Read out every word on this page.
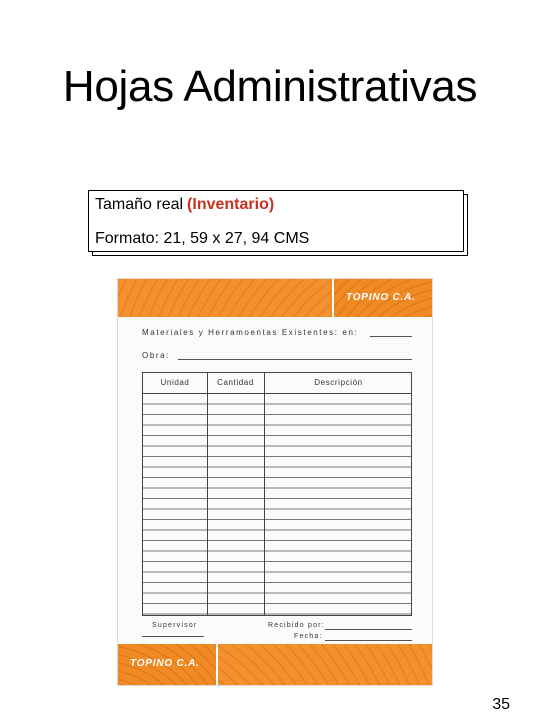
Hojas Administrativas
Tamaño real (Inventario)
Formato: 21, 59 x 27, 94 CMS
TOPINO C.A.
Materiales y Herramoentas Existentes: en:
Obra:
Unidad	Cantidad	Descripción
Supervisor	Recibido por:
Fecha:
TOPINO C.A.
35
